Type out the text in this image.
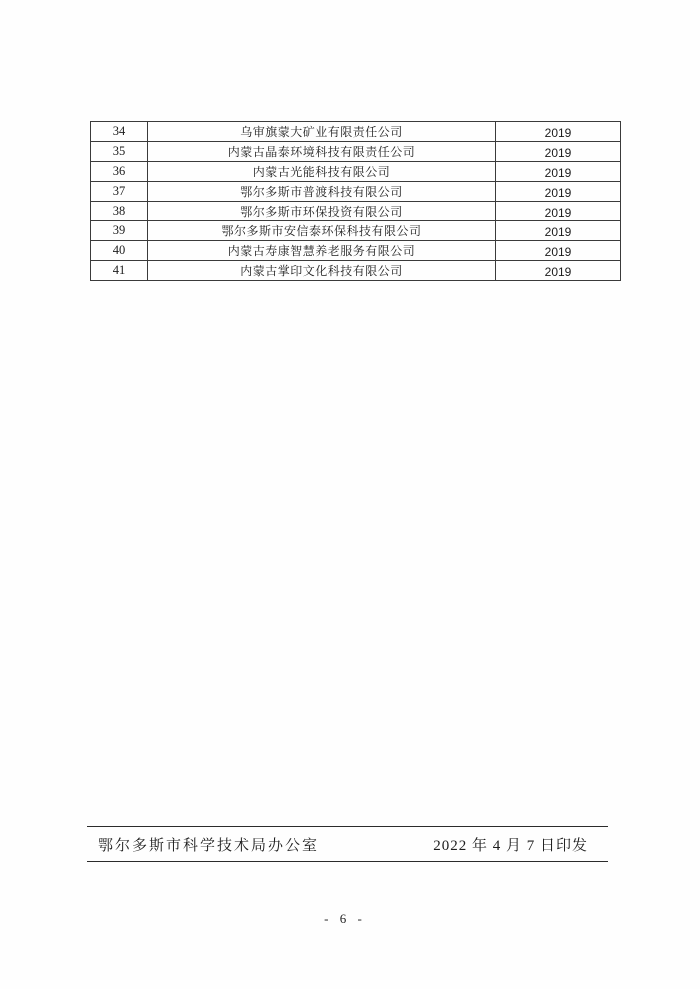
34	乌审旗蒙大矿业有限责任公司	2019
35	内蒙古晶泰环境科技有限责任公司	2019
36	内蒙古光能科技有限公司	2019
37	鄂尔多斯市普渡科技有限公司	2019
38	鄂尔多斯市环保投资有限公司	2019
39	鄂尔多斯市安信泰环保科技有限公司	2019
40	内蒙古寿康智慧养老服务有限公司	2019
41	内蒙古掌印文化科技有限公司	2019
鄂尔多斯市科学技术局办公室	2022 年 4 月 7 日印发
- 6 -
